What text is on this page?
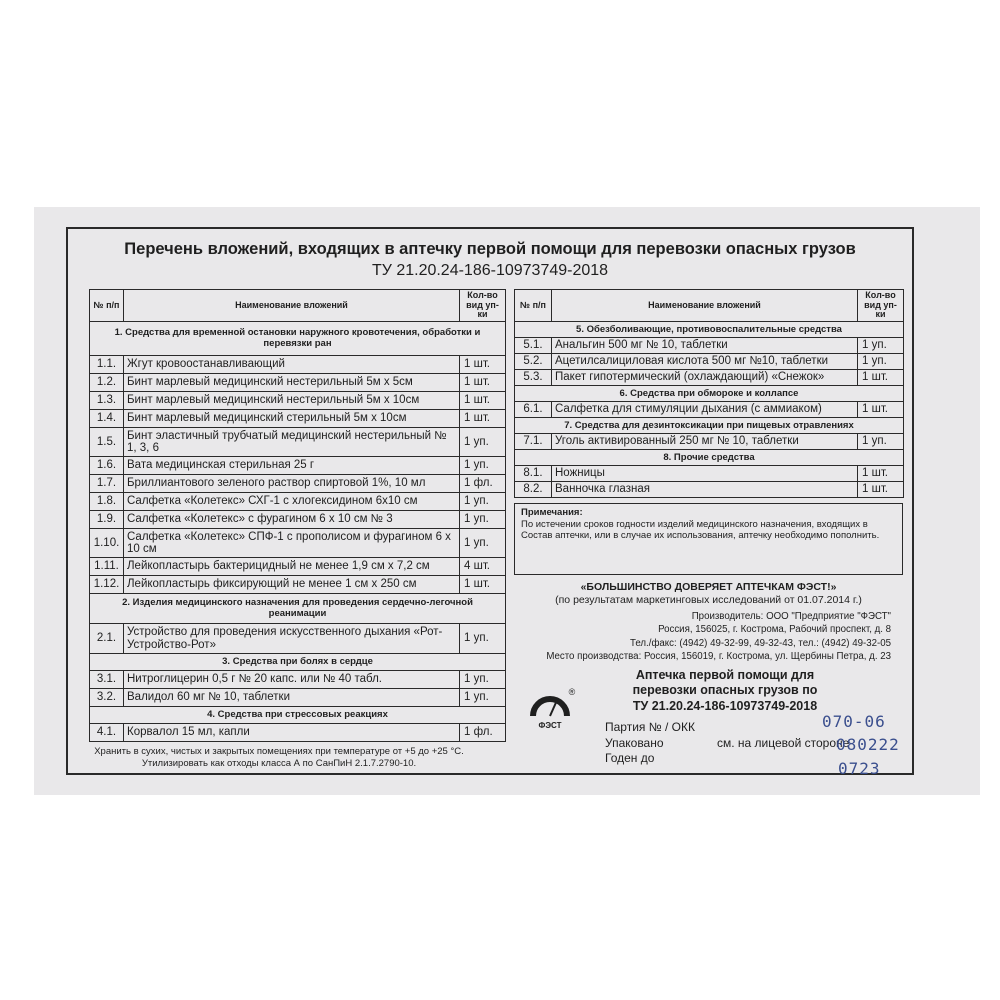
Перечень вложений, входящих в аптечку первой помощи для перевозки опасных грузов
ТУ 21.20.24-186-10973749-2018
№ п/п	Наименование вложений	Кол-во вид уп-ки
1. Средства для временной остановки наружного кровотечения, обработки и перевязки ран		
1.1.	Жгут кровоостанавливающий	1 шт.
1.2.	Бинт марлевый медицинский нестерильный 5м х 5см	1 шт.
1.3.	Бинт марлевый медицинский нестерильный 5м х 10см	1 шт.
1.4.	Бинт марлевый медицинский стерильный 5м х 10см	1 шт.
1.5.	Бинт эластичный трубчатый медицинский нестерильный № 1, 3, 6	1 уп.
1.6.	Вата медицинская стерильная 25 г	1 уп.
1.7.	Бриллиантового зеленого раствор спиртовой 1%, 10 мл	1 фл.
1.8.	Салфетка «Колетекс» СХГ-1 с хлогексидином 6х10 см	1 уп.
1.9.	Салфетка «Колетекс» с фурагином 6 х 10 см № 3	1 уп.
1.10.	Салфетка «Колетекс» СПФ-1 с прополисом и фурагином 6 х 10 см	1 уп.
1.11.	Лейкопластырь бактерицидный не менее 1,9 см х 7,2 см	4 шт.
1.12.	Лейкопластырь фиксирующий не менее 1 см х 250 см	1 шт.
2. Изделия медицинского назначения для проведения сердечно-легочной реанимации		
2.1.	Устройство для проведения искусственного дыхания «Рот-Устройство-Рот»	1 уп.
3. Средства при болях в сердце		
3.1.	Нитроглицерин 0,5 г № 20 капс. или № 40 табл.	1 уп.
3.2.	Валидол 60 мг № 10, таблетки	1 уп.
4. Средства при стрессовых реакциях		
4.1.	Корвалол 15 мл, капли	1 фл.
№ п/п	Наименование вложений	Кол-во вид уп-ки
5. Обезболивающие, противовоспалительные средства		
5.1.	Анальгин 500 мг № 10, таблетки	1 уп.
5.2.	Ацетилсалициловая кислота 500 мг №10, таблетки	1 уп.
5.3.	Пакет гипотермический (охлаждающий) «Снежок»	1 шт.
6. Средства при обмороке и коллапсе		
6.1.	Салфетка для стимуляции дыхания (с аммиаком)	1 шт.
7. Средства для дезинтоксикации при пищевых отравлениях		
7.1.	Уголь активированный 250 мг № 10, таблетки	1 уп.
8. Прочие средства		
8.1.	Ножницы	1 шт.
8.2.	Ванночка глазная	1 шт.
Примечания:
По истечении сроков годности изделий медицинского назначения, входящих в Состав аптечки, или в случае их использования, аптечку необходимо пополнить.
Хранить в сухих, чистых и закрытых помещениях при температуре от +5 до +25 °С.
Утилизировать как отходы класса А по СанПиН 2.1.7.2790-10.
«БОЛЬШИНСТВО ДОВЕРЯЕТ АПТЕЧКАМ ФЭСТ!»
(по результатам маркетинговых исследований от 01.07.2014 г.)
Производитель: ООО "Предприятие "ФЭСТ"
Россия, 156025, г. Кострома, Рабочий проспект, д. 8
Тел./факс: (4942) 49-32-99, 49-32-43, тел.: (4942) 49-32-05
Место производства: Россия, 156019, г. Кострома, ул. Щербины Петра, д. 23
Аптечка первой помощи для
перевозки опасных грузов по
ТУ 21.20.24-186-10973749-2018
ФЭСТ
®
Партия № / ОКК
Упаковано
Годен до
см. на лицевой стороне
070-06
080222
0723
